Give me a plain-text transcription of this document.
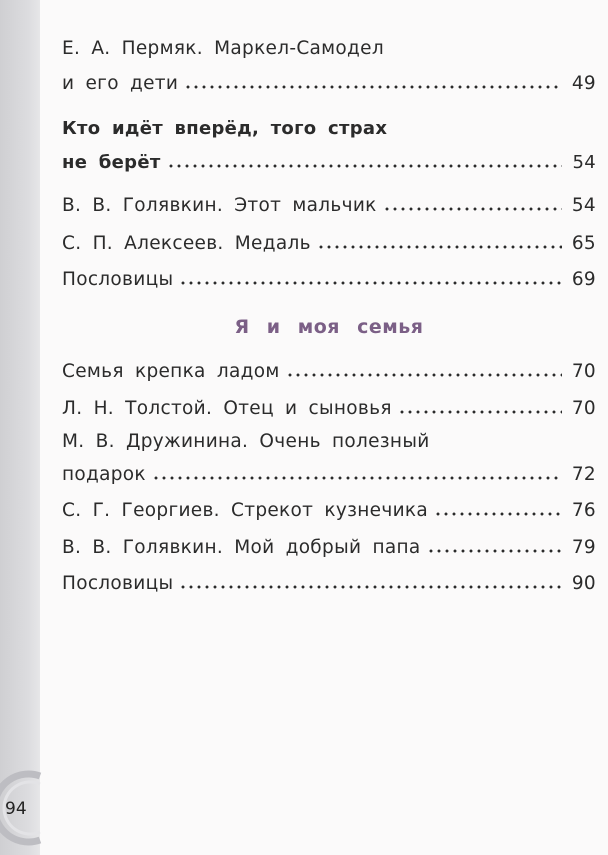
94
Е. А. Пермяк. Маркел-Самодел
и его дети	49
Кто идёт вперёд, того страх
не берёт	54
В. В. Голявкин. Этот мальчик	54
С. П. Алексеев. Медаль	65
Пословицы	69
Я и моя семья
Семья крепка ладом	70
Л. Н. Толстой. Отец и сыновья	70
М. В. Дружинина. Очень полезный
подарок	72
С. Г. Георгиев. Стрекот кузнечика	76
В. В. Голявкин. Мой добрый папа	79
Пословицы	90
